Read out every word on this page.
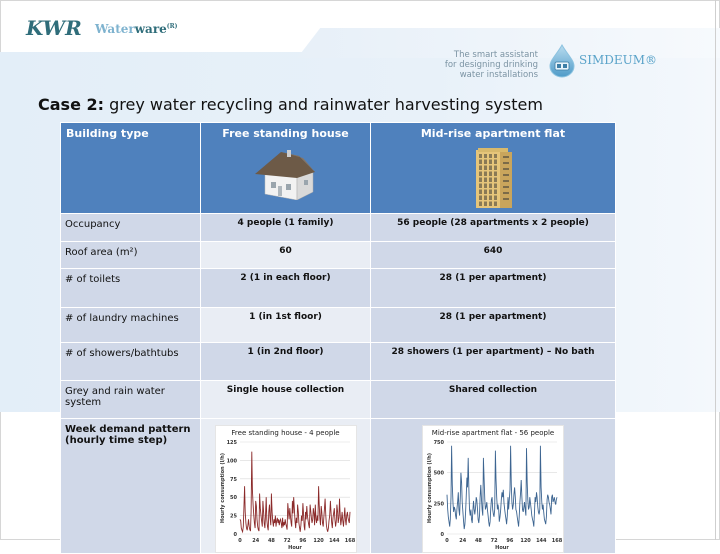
KWR Waterware$^{(R)}$
The smart assistant
for designing drinking
water installations
SIMDEUM®
Case 2: grey water recycling and rainwater harvesting system
Building type	Free standing house	Mid-rise apartment flat

Occupancy	4 people (1 family)	56 people (28 apartments x 2 people)
Roof area (m²)	60	640
# of toilets	2 (1 in each floor)	28 (1 per apartment)
# of laundry machines	1 (in 1st floor)	28 (1 per apartment)
# of showers/bathtubs	1 (in 2nd floor)	28 showers (1 per apartment) – No bath
Grey and rain water system	Single house collection	Shared collection
Week demand pattern (hourly time step)	
Free standing house - 4 people
0
25
50
75
100
125
0 24 48 72 96 120 144 168
Hour
Hourly consumption (l/h)

Mid-rise apartment flat - 56 people
0
250
500
750
0 24 48 72 96 120 144 168
Hour
Hourly consumption (l/h)
